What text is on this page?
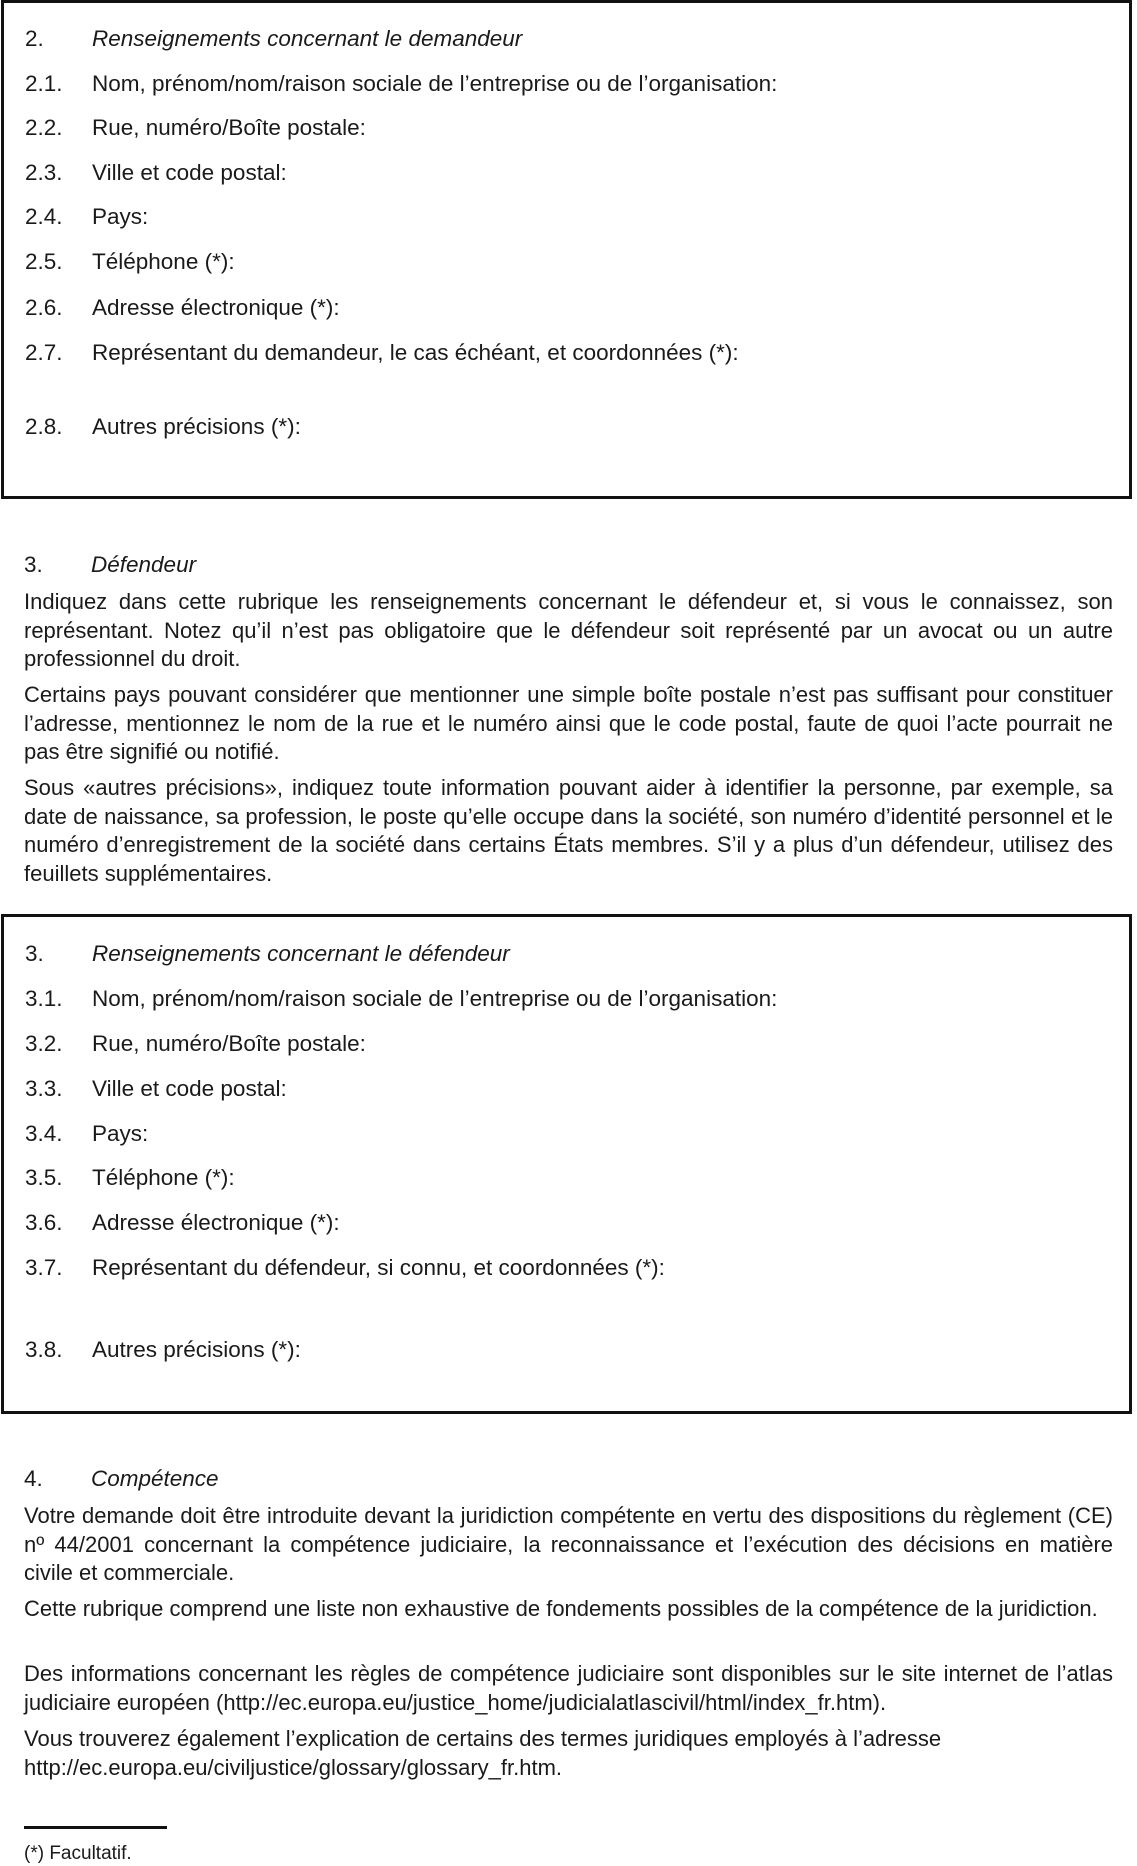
2. Renseignements concernant le demandeur
2.1. Nom, prénom/nom/raison sociale de l’entreprise ou de l’organisation:
2.2. Rue, numéro/Boîte postale:
2.3. Ville et code postal:
2.4. Pays:
2.5. Téléphone (*):
2.6. Adresse électronique (*):
2.7. Représentant du demandeur, le cas échéant, et coordonnées (*):
2.8. Autres précisions (*):
3. Défendeur
Indiquez dans cette rubrique les renseignements concernant le défendeur et, si vous le connaissez, son représentant. Notez qu’il n’est pas obligatoire que le défendeur soit représenté par un avocat ou un autre professionnel du droit.
Certains pays pouvant considérer que mentionner une simple boîte postale n’est pas suffisant pour constituer l’adresse, mentionnez le nom de la rue et le numéro ainsi que le code postal, faute de quoi l’acte pourrait ne pas être signifié ou notifié.
Sous «autres précisions», indiquez toute information pouvant aider à identifier la personne, par exemple, sa date de naissance, sa profession, le poste qu’elle occupe dans la société, son numéro d’identité personnel et le numéro d’enregistrement de la société dans certains États membres. S’il y a plus d’un défendeur, utilisez des feuillets supplémentaires.
3. Renseignements concernant le défendeur
3.1. Nom, prénom/nom/raison sociale de l’entreprise ou de l’organisation:
3.2. Rue, numéro/Boîte postale:
3.3. Ville et code postal:
3.4. Pays:
3.5. Téléphone (*):
3.6. Adresse électronique (*):
3.7. Représentant du défendeur, si connu, et coordonnées (*):
3.8. Autres précisions (*):
4. Compétence
Votre demande doit être introduite devant la juridiction compétente en vertu des dispositions du règlement (CE) nº 44/2001 concernant la compétence judiciaire, la reconnaissance et l’exécution des décisions en matière civile et commerciale.
Cette rubrique comprend une liste non exhaustive de fondements possibles de la compétence de la juridiction.
Des informations concernant les règles de compétence judiciaire sont disponibles sur le site internet de l’atlas judiciaire européen (http://ec.europa.eu/justice_home/judicialatlascivil/html/index_fr.htm).
Vous trouverez également l’explication de certains des termes juridiques employés à l’adresse http://ec.europa.eu/civiljustice/glossary/glossary_fr.htm.
(*) Facultatif.
